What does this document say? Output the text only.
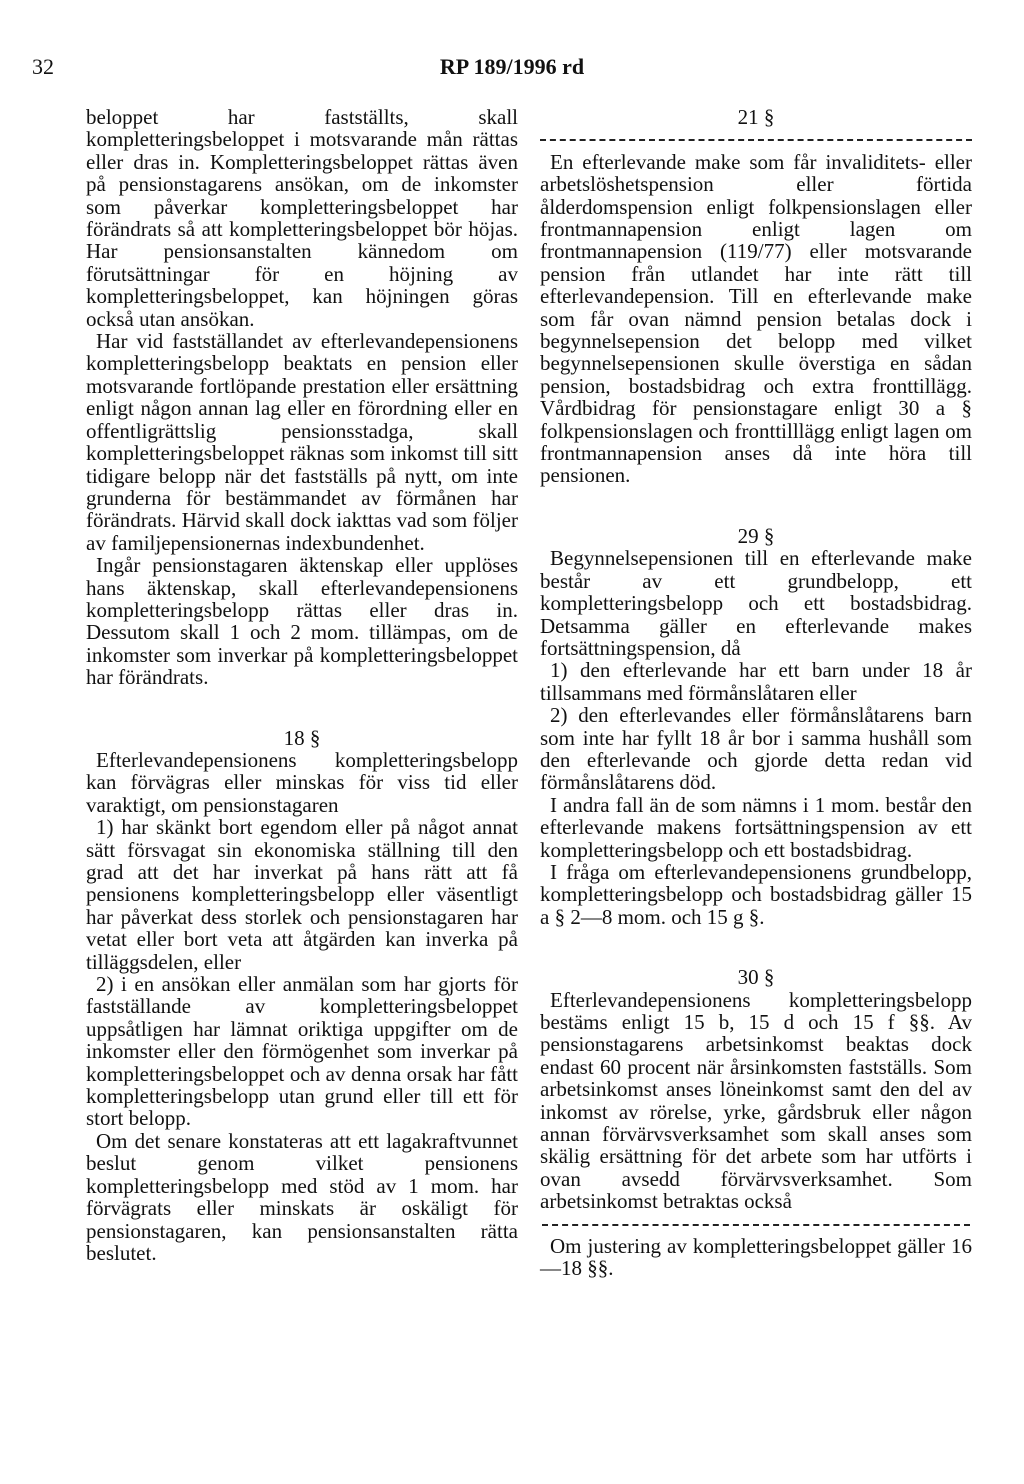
32	RP 189/1996 rd

beloppet har fastställts, skall kompletteringsbeloppet i motsvarande mån rättas eller dras in. Kompletteringsbeloppet rättas även på pensionstagarens ansökan, om de inkomster som påverkar kompletteringsbeloppet har förändrats så att kompletteringsbeloppet bör höjas. Har pensionsanstalten kännedom om förutsättningar för en höjning av kompletteringsbeloppet, kan höjningen göras också utan ansökan.

Har vid fastställandet av efterlevandepensionens kompletteringsbelopp beaktats en pension eller motsvarande fortlöpande prestation eller ersättning enligt någon annan lag eller en förordning eller en offentligrättslig pensionsstadga, skall kompletteringsbeloppet räknas som inkomst till sitt tidigare belopp när det fastställs på nytt, om inte grunderna för bestämmandet av förmånen har förändrats. Härvid skall dock iakttas vad som följer av familjepensionernas indexbundenhet.

Ingår pensionstagaren äktenskap eller upplöses hans äktenskap, skall efterlevandepensionens kompletteringsbelopp rättas eller dras in. Dessutom skall 1 och 2 mom. tillämpas, om de inkomster som inverkar på kompletteringsbeloppet har förändrats.

18 §

Efterlevandepensionens kompletteringsbelopp kan förvägras eller minskas för viss tid eller varaktigt, om pensionstagaren

1) har skänkt bort egendom eller på något annat sätt försvagat sin ekonomiska ställning till den grad att det har inverkat på hans rätt att få pensionens kompletteringsbelopp eller väsentligt har påverkat dess storlek och pensionstagaren har vetat eller bort veta att åtgärden kan inverka på tilläggsdelen, eller

2) i en ansökan eller anmälan som har gjorts för fastställande av kompletteringsbeloppet uppsåtligen har lämnat oriktiga uppgifter om de inkomster eller den förmögenhet som inverkar på kompletteringsbeloppet och av denna orsak har fått kompletteringsbelopp utan grund eller till ett för stort belopp.

Om det senare konstateras att ett lagakraftvunnet beslut genom vilket pensionens kompletteringsbelopp med stöd av 1 mom. har förvägrats eller minskats är oskäligt för pensionstagaren, kan pensionsanstalten rätta beslutet.

21 §

En efterlevande make som får invaliditets- eller arbetslöshetspension eller förtida ålderdomspension enligt folkpensionslagen eller frontmannapension enligt lagen om frontmannapension (119/77) eller motsvarande pension från utlandet har inte rätt till efterlevandepension. Till en efterlevande make som får ovan nämnd pension betalas dock i begynnelsepension det belopp med vilket begynnelsepensionen skulle överstiga en sådan pension, bostadsbidrag och extra fronttillägg. Vårdbidrag för pensionstagare enligt 30 a § folkpensionslagen och fronttilllägg enligt lagen om frontmannapension anses då inte höra till pensionen.

29 §

Begynnelsepensionen till en efterlevande make består av ett grundbelopp, ett kompletteringsbelopp och ett bostadsbidrag. Detsamma gäller en efterlevande makes fortsättningspension, då

1) den efterlevande har ett barn under 18 år tillsammans med förmånslåtaren eller

2) den efterlevandes eller förmånslåtarens barn som inte har fyllt 18 år bor i samma hushåll som den efterlevande och gjorde detta redan vid förmånslåtarens död.

I andra fall än de som nämns i 1 mom. består den efterlevande makens fortsättningspension av ett kompletteringsbelopp och ett bostadsbidrag.

I fråga om efterlevandepensionens grundbelopp, kompletteringsbelopp och bostadsbidrag gäller 15 a § 2—8 mom. och 15 g §.

30 §

Efterlevandepensionens kompletteringsbelopp bestäms enligt 15 b, 15 d och 15 f §§. Av pensionstagarens arbetsinkomst beaktas dock endast 60 procent när årsinkomsten fastställs. Som arbetsinkomst anses löneinkomst samt den del av inkomst av rörelse, yrke, gårdsbruk eller någon annan förvärvsverksamhet som skall anses som skälig ersättning för det arbete som har utförts i ovan avsedd förvärvsverksamhet. Som arbetsinkomst betraktas också

Om justering av kompletteringsbeloppet gäller 16—18 §§.
